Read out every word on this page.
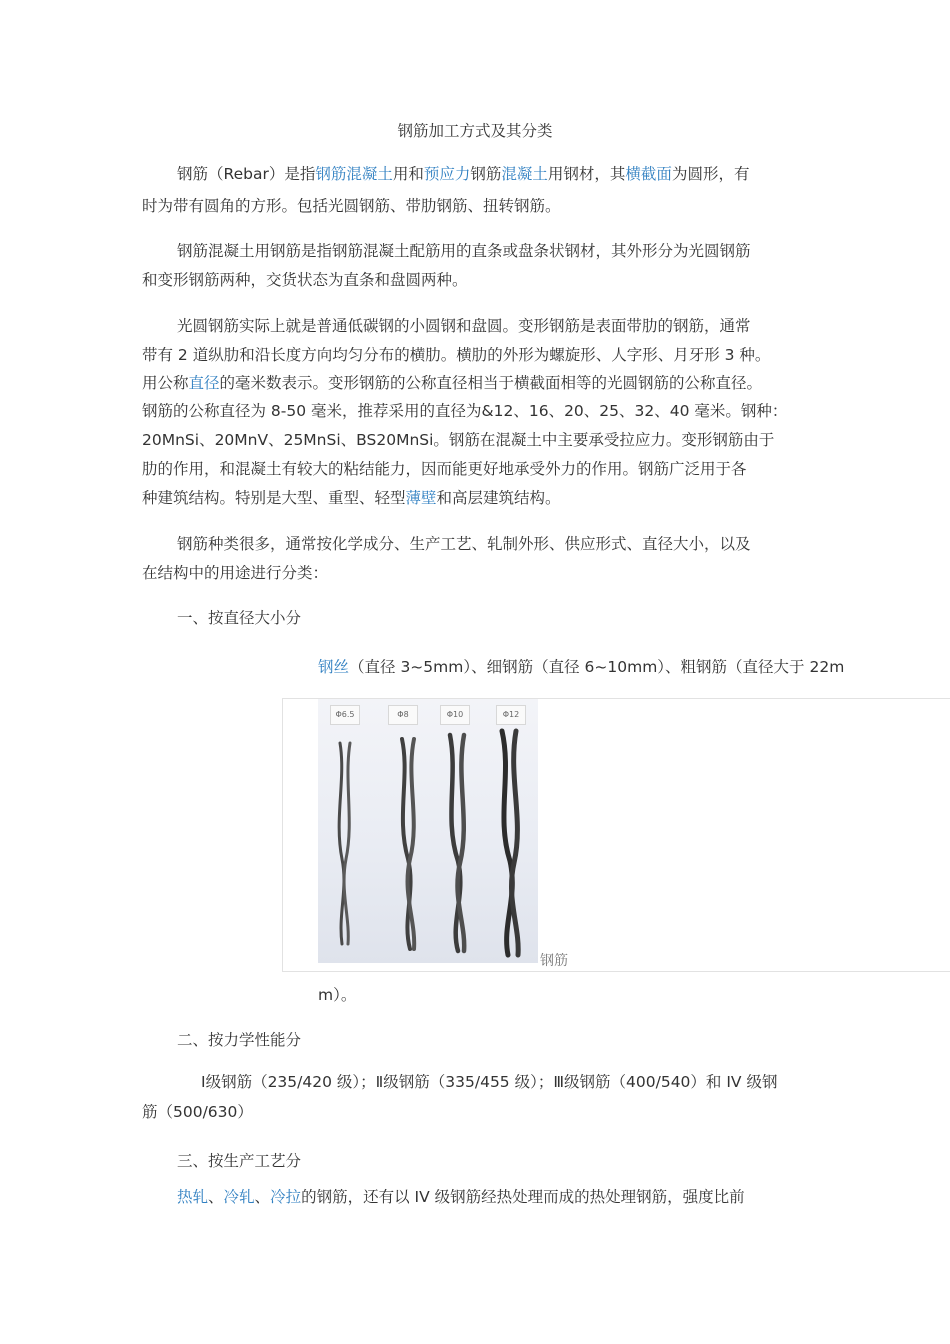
钢筋加工方式及其分类
钢筋（Rebar）是指钢筋混凝土用和预应力钢筋混凝土用钢材，其横截面为圆形，有
时为带有圆角的方形。包括光圆钢筋、带肋钢筋、扭转钢筋。
钢筋混凝土用钢筋是指钢筋混凝土配筋用的直条或盘条状钢材，其外形分为光圆钢筋
和变形钢筋两种，交货状态为直条和盘圆两种。
光圆钢筋实际上就是普通低碳钢的小圆钢和盘圆。变形钢筋是表面带肋的钢筋，通常
带有 2 道纵肋和沿长度方向均匀分布的横肋。横肋的外形为螺旋形、人字形、月牙形 3 种。
用公称直径的毫米数表示。变形钢筋的公称直径相当于横截面相等的光圆钢筋的公称直径。
钢筋的公称直径为 8-50 毫米，推荐采用的直径为&12、16、20、25、32、40 毫米。钢种：
20MnSi、20MnV、25MnSi、BS20MnSi。钢筋在混凝土中主要承受拉应力。变形钢筋由于
肋的作用，和混凝土有较大的粘结能力，因而能更好地承受外力的作用。钢筋广泛用于各
种建筑结构。特别是大型、重型、轻型薄壁和高层建筑结构。
钢筋种类很多，通常按化学成分、生产工艺、轧制外形、供应形式、直径大小，以及
在结构中的用途进行分类：
一、按直径大小分
钢丝（直径 3~5mm）、细钢筋（直径 6~10mm）、粗钢筋（直径大于 22m
Φ6.5	Φ8	Φ10	Φ12
钢筋
m）。
二、按力学性能分
Ⅰ级钢筋（235/420 级）；Ⅱ级钢筋（335/455 级）；Ⅲ级钢筋（400/540）和 IV 级钢
筋（500/630）
三、按生产工艺分
热轧、冷轧、冷拉的钢筋，还有以 IV 级钢筋经热处理而成的热处理钢筋，强度比前
